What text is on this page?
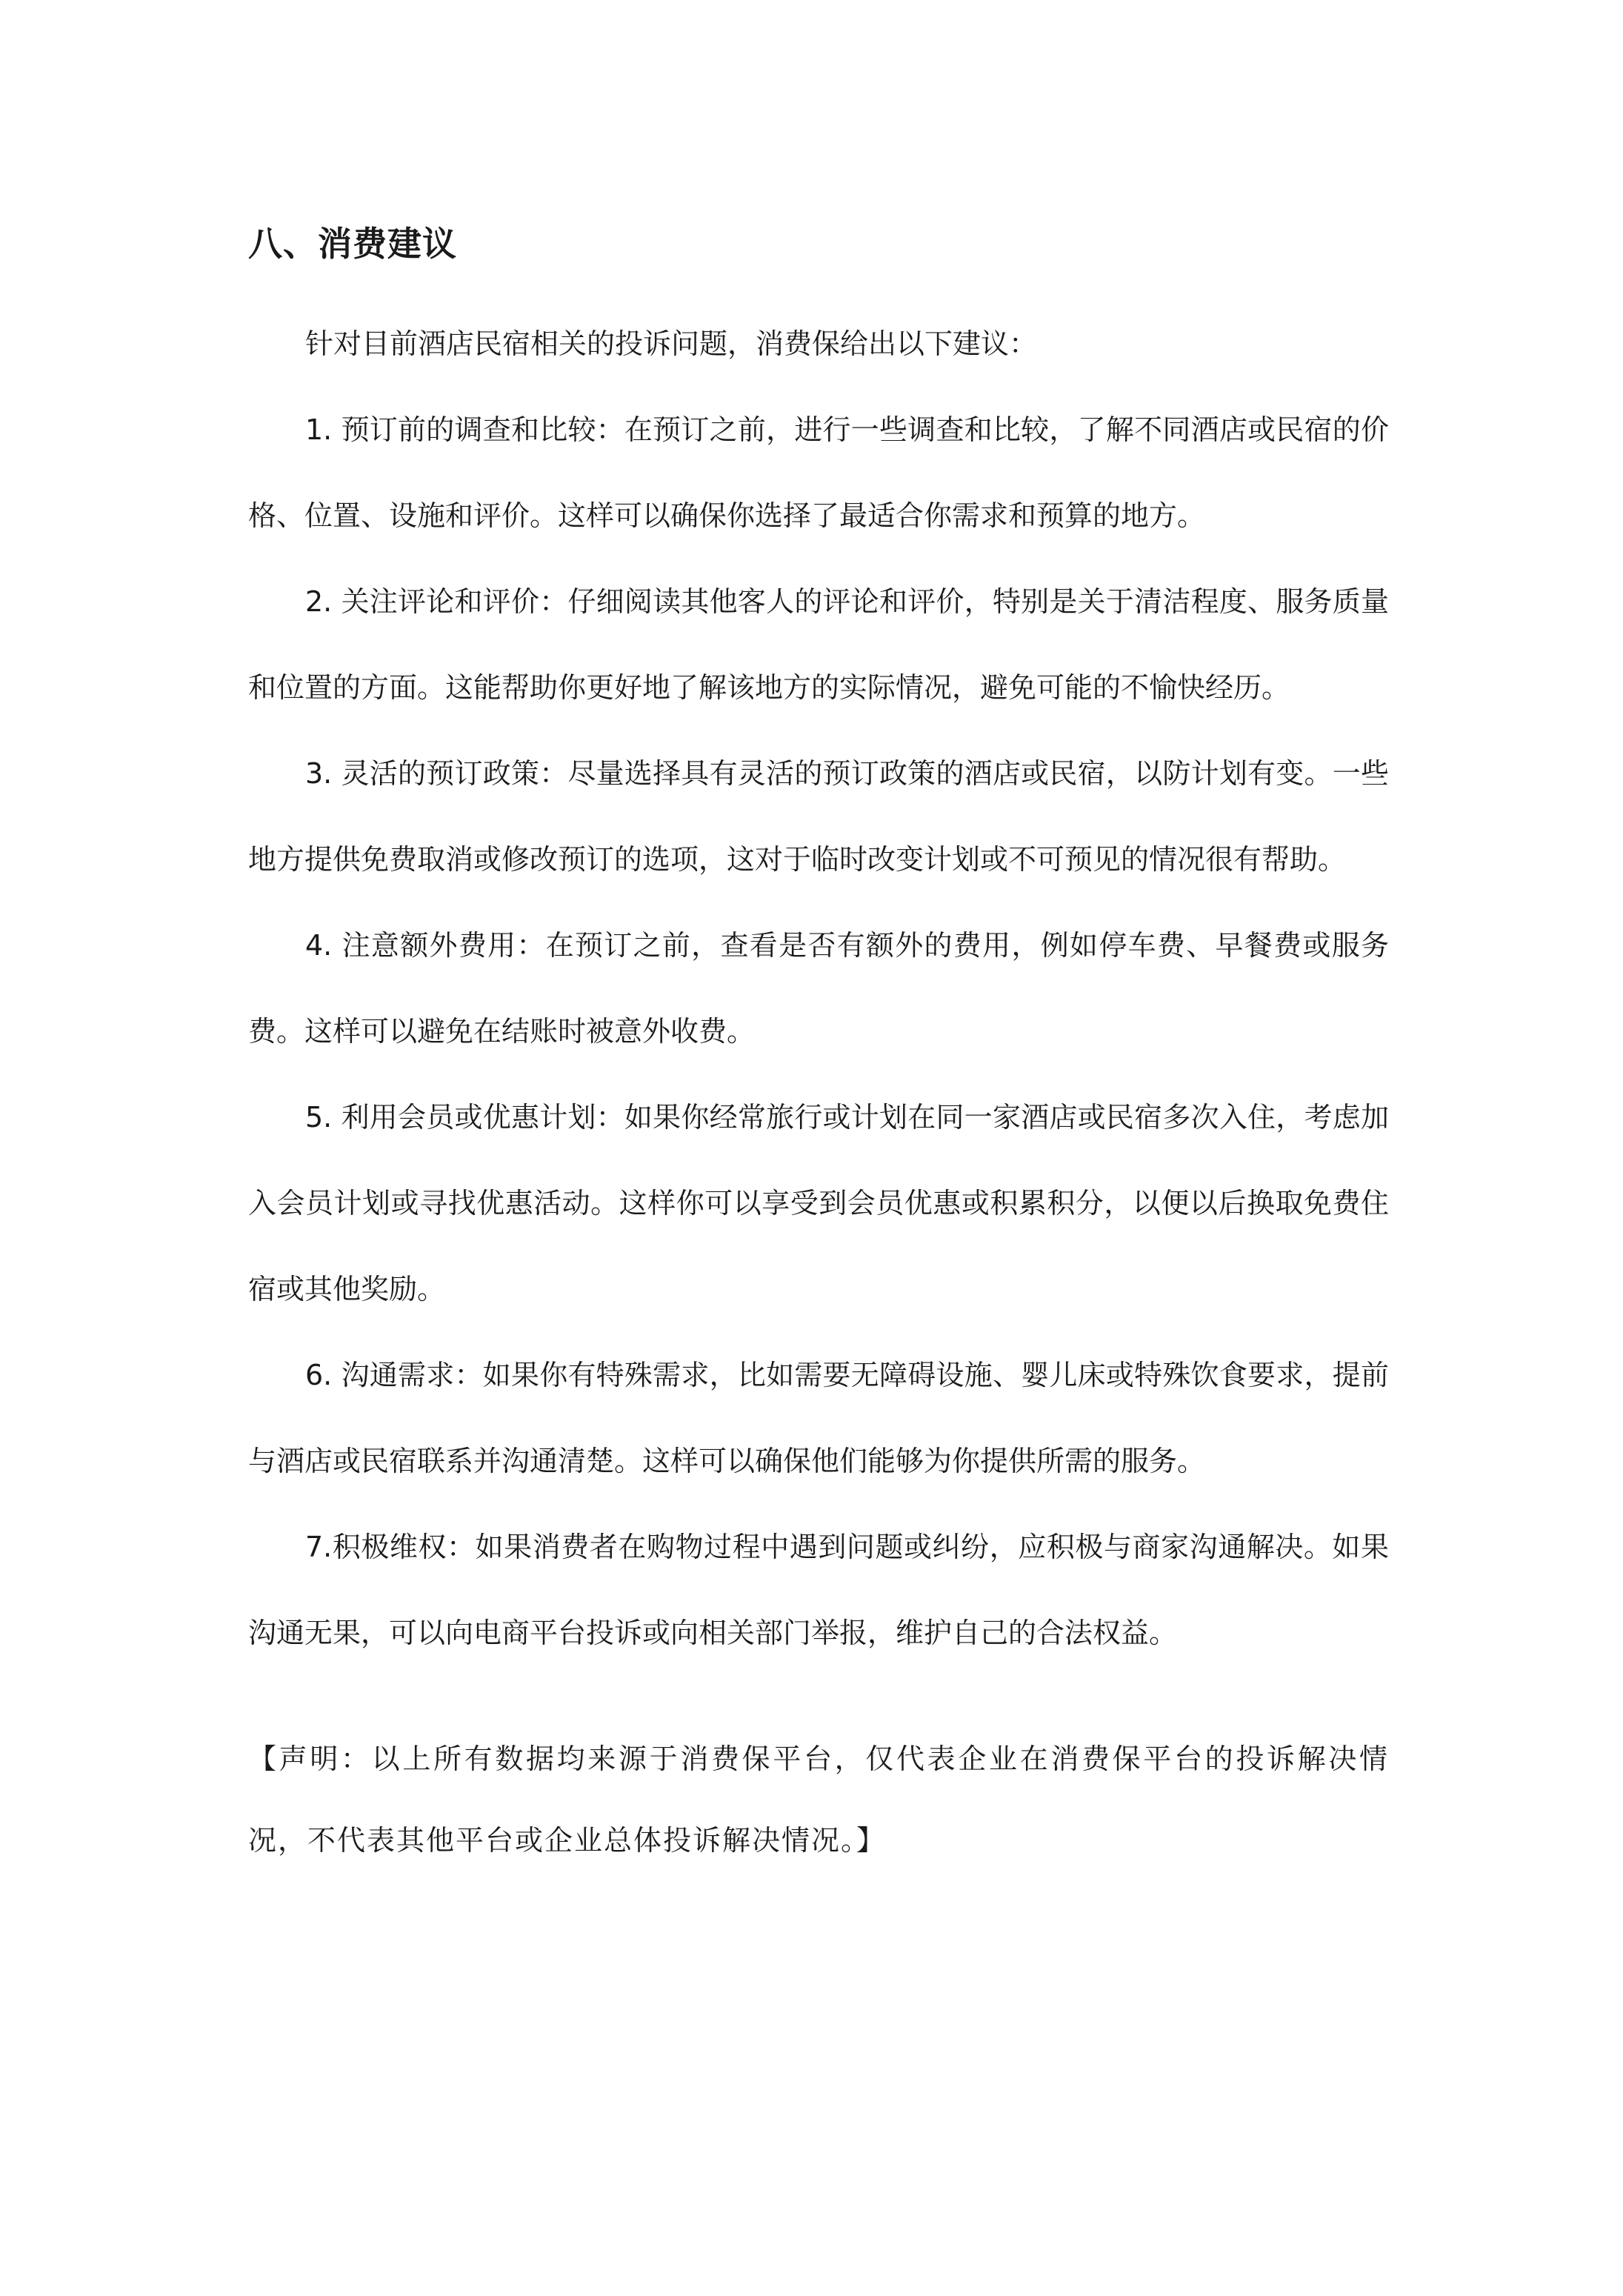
八、消费建议

针对目前酒店民宿相关的投诉问题，消费保给出以下建议：

1. 预订前的调查和比较：在预订之前，进行一些调查和比较，了解不同酒店或民宿的价格、位置、设施和评价。这样可以确保你选择了最适合你需求和预算的地方。

2. 关注评论和评价：仔细阅读其他客人的评论和评价，特别是关于清洁程度、服务质量和位置的方面。这能帮助你更好地了解该地方的实际情况，避免可能的不愉快经历。

3. 灵活的预订政策：尽量选择具有灵活的预订政策的酒店或民宿，以防计划有变。一些地方提供免费取消或修改预订的选项，这对于临时改变计划或不可预见的情况很有帮助。

4. 注意额外费用：在预订之前，查看是否有额外的费用，例如停车费、早餐费或服务费。这样可以避免在结账时被意外收费。

5. 利用会员或优惠计划：如果你经常旅行或计划在同一家酒店或民宿多次入住，考虑加入会员计划或寻找优惠活动。这样你可以享受到会员优惠或积累积分，以便以后换取免费住宿或其他奖励。

6. 沟通需求：如果你有特殊需求，比如需要无障碍设施、婴儿床或特殊饮食要求，提前与酒店或民宿联系并沟通清楚。这样可以确保他们能够为你提供所需的服务。

7.积极维权：如果消费者在购物过程中遇到问题或纠纷，应积极与商家沟通解决。如果沟通无果，可以向电商平台投诉或向相关部门举报，维护自己的合法权益。

【声明：以上所有数据均来源于消费保平台，仅代表企业在消费保平台的投诉解决情况，不代表其他平台或企业总体投诉解决情况。】
